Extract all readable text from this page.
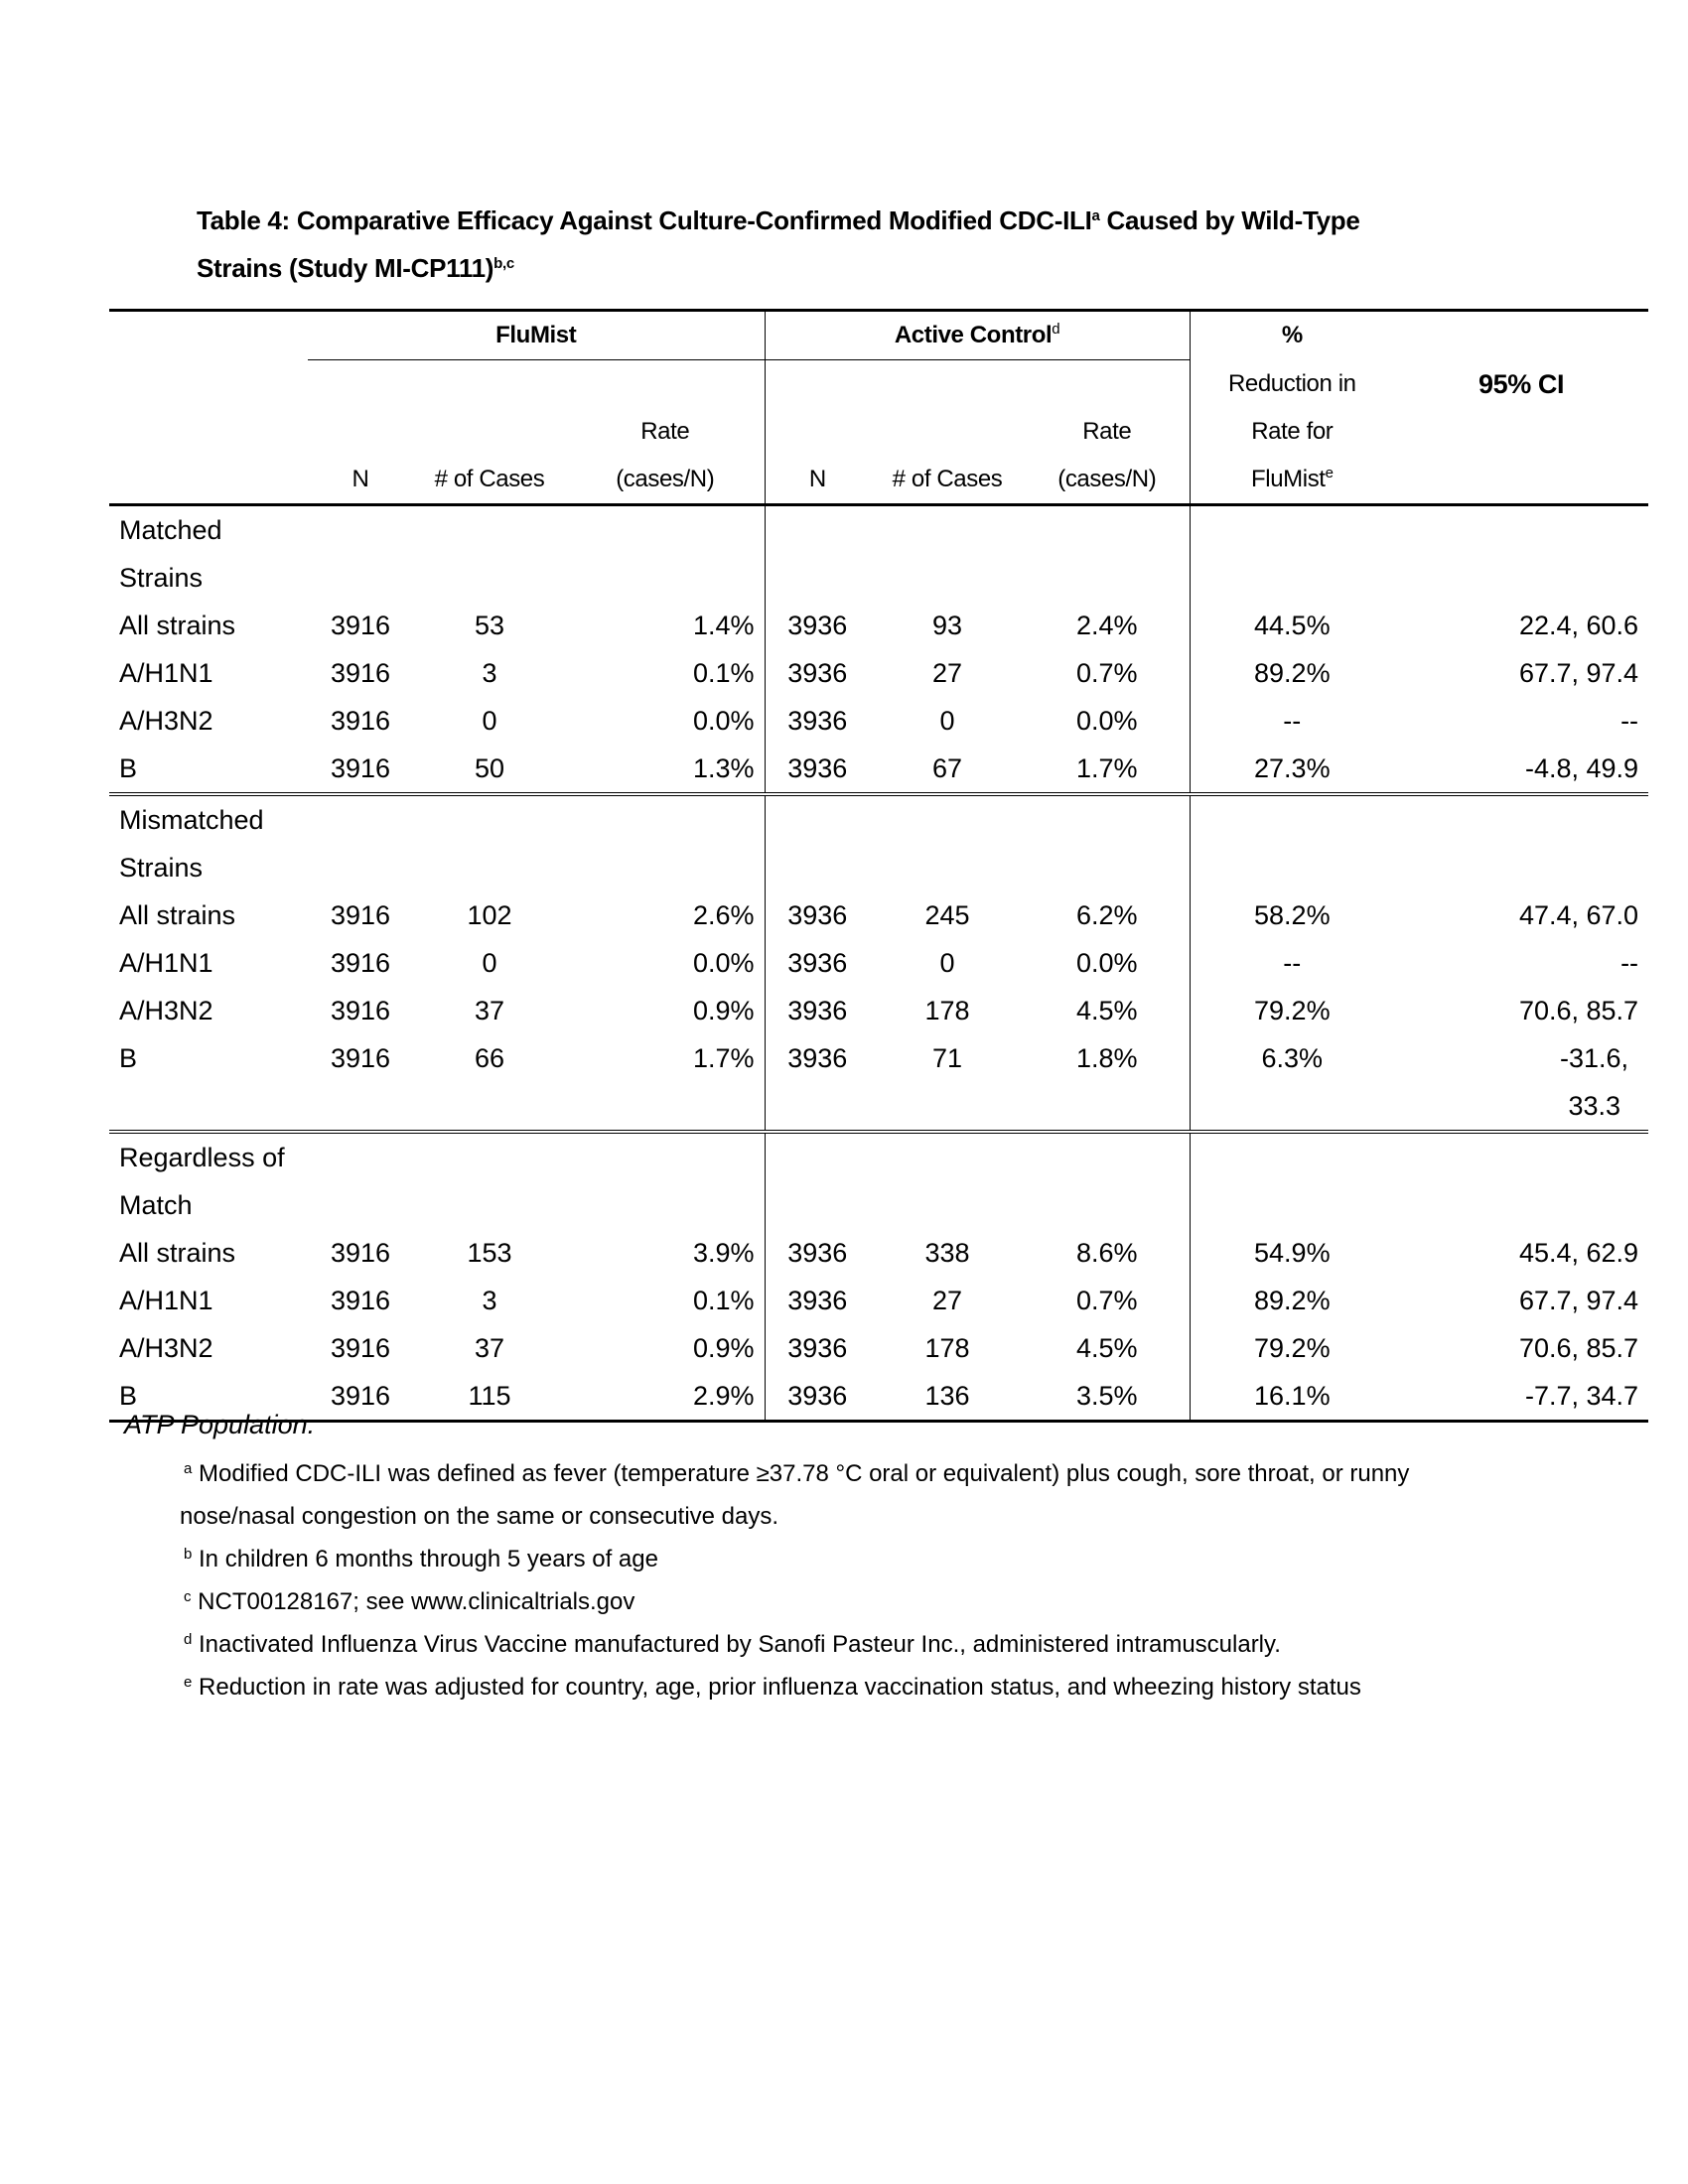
Table 4: Comparative Efficacy Against Culture-Confirmed Modified CDC-ILI$^a$ Caused by Wild-Type
Strains (Study MI-CP111)$^{b,c}$
	FluMist			Active Control$^d$			%	
							Reduction in	95% CI
			Rate			Rate	Rate for	
	N	# of Cases	(cases/N)	N	# of Cases	(cases/N)	FluMist$^e$	
Matched								
Strains								
All strains	3916	53	1.4%	3936	93	2.4%	44.5%	22.4, 60.6
A/H1N1	3916	3	0.1%	3936	27	0.7%	89.2%	67.7, 97.4
A/H3N2	3916	0	0.0%	3936	0	0.0%	--	--
B	3916	50	1.3%	3936	67	1.7%	27.3%	-4.8, 49.9
Mismatched								
Strains								
All strains	3916	102	2.6%	3936	245	6.2%	58.2%	47.4, 67.0
A/H1N1	3916	0	0.0%	3936	0	0.0%	--	--
A/H3N2	3916	37	0.9%	3936	178	4.5%	79.2%	70.6, 85.7
B	3916	66	1.7%	3936	71	1.8%	6.3%	-31.6,
								33.3
Regardless of								
Match								
All strains	3916	153	3.9%	3936	338	8.6%	54.9%	45.4, 62.9
A/H1N1	3916	3	0.1%	3936	27	0.7%	89.2%	67.7, 97.4
A/H3N2	3916	37	0.9%	3936	178	4.5%	79.2%	70.6, 85.7
B	3916	115	2.9%	3936	136	3.5%	16.1%	-7.7, 34.7
ATP Population.
$^a$ Modified CDC-ILI was defined as fever (temperature ≥37.78 °C oral or equivalent) plus cough, sore throat, or runny
nose/nasal congestion on the same or consecutive days.
$^b$ In children 6 months through 5 years of age
$^c$ NCT00128167; see www.clinicaltrials.gov
$^d$ Inactivated Influenza Virus Vaccine manufactured by Sanofi Pasteur Inc., administered intramuscularly.
$^e$ Reduction in rate was adjusted for country, age, prior influenza vaccination status, and wheezing history status
